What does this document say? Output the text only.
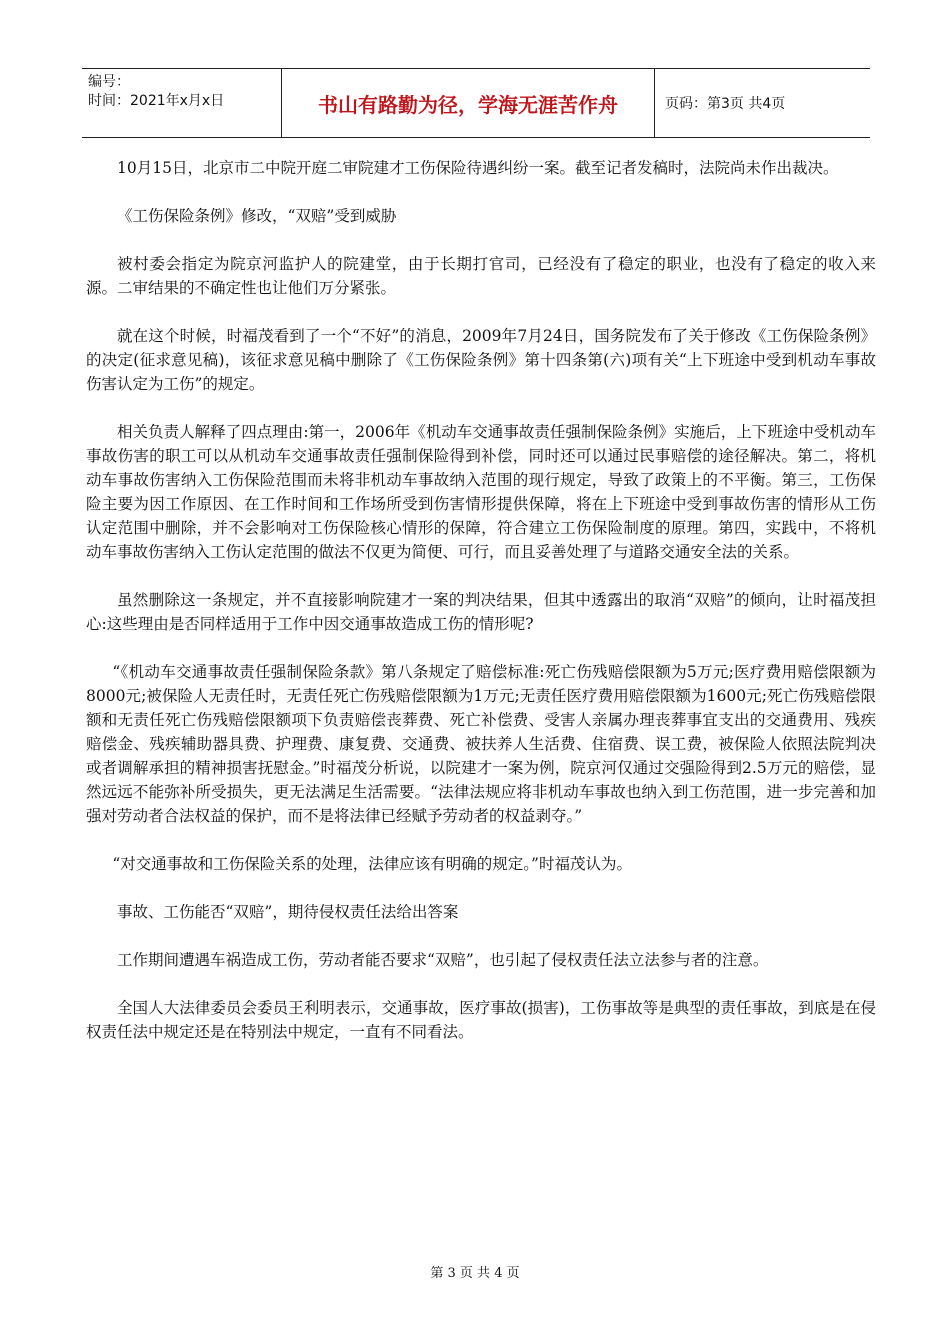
编号：
时间：2021年x月x日	书山有路勤为径，学海无涯苦作舟	页码：第3页 共4页

10月15日，北京市二中院开庭二审院建才工伤保险待遇纠纷一案。截至记者发稿时，法院尚未作出裁决。

《工伤保险条例》修改，“双赔”受到威胁

被村委会指定为院京河监护人的院建堂，由于长期打官司，已经没有了稳定的职业，也没有了稳定的收入来源。二审结果的不确定性也让他们万分紧张。

就在这个时候，时福茂看到了一个“不好”的消息，2009年7月24日，国务院发布了关于修改《工伤保险条例》的决定(征求意见稿)，该征求意见稿中删除了《工伤保险条例》第十四条第(六)项有关“上下班途中受到机动车事故伤害认定为工伤”的规定。

相关负责人解释了四点理由:第一，2006年《机动车交通事故责任强制保险条例》实施后，上下班途中受机动车事故伤害的职工可以从机动车交通事故责任强制保险得到补偿，同时还可以通过民事赔偿的途径解决。第二，将机动车事故伤害纳入工伤保险范围而未将非机动车事故纳入范围的现行规定，导致了政策上的不平衡。第三，工伤保险主要为因工作原因、在工作时间和工作场所受到伤害情形提供保障，将在上下班途中受到事故伤害的情形从工伤认定范围中删除，并不会影响对工伤保险核心情形的保障，符合建立工伤保险制度的原理。第四，实践中，不将机动车事故伤害纳入工伤认定范围的做法不仅更为简便、可行，而且妥善处理了与道路交通安全法的关系。

虽然删除这一条规定，并不直接影响院建才一案的判决结果，但其中透露出的取消“双赔”的倾向，让时福茂担心:这些理由是否同样适用于工作中因交通事故造成工伤的情形呢?

“《机动车交通事故责任强制保险条款》第八条规定了赔偿标准:死亡伤残赔偿限额为5万元;医疗费用赔偿限额为8000元;被保险人无责任时，无责任死亡伤残赔偿限额为1万元;无责任医疗费用赔偿限额为1600元;死亡伤残赔偿限额和无责任死亡伤残赔偿限额项下负责赔偿丧葬费、死亡补偿费、受害人亲属办理丧葬事宜支出的交通费用、残疾赔偿金、残疾辅助器具费、护理费、康复费、交通费、被扶养人生活费、住宿费、误工费，被保险人依照法院判决或者调解承担的精神损害抚慰金。”时福茂分析说，以院建才一案为例，院京河仅通过交强险得到2.5万元的赔偿，显然远远不能弥补所受损失，更无法满足生活需要。“法律法规应将非机动车事故也纳入到工伤范围，进一步完善和加强对劳动者合法权益的保护，而不是将法律已经赋予劳动者的权益剥夺。”

“对交通事故和工伤保险关系的处理，法律应该有明确的规定。”时福茂认为。

事故、工伤能否“双赔”，期待侵权责任法给出答案

工作期间遭遇车祸造成工伤，劳动者能否要求“双赔”，也引起了侵权责任法立法参与者的注意。

全国人大法律委员会委员王利明表示，交通事故，医疗事故(损害)，工伤事故等是典型的责任事故，到底是在侵权责任法中规定还是在特别法中规定，一直有不同看法。

第 3 页 共 4 页
